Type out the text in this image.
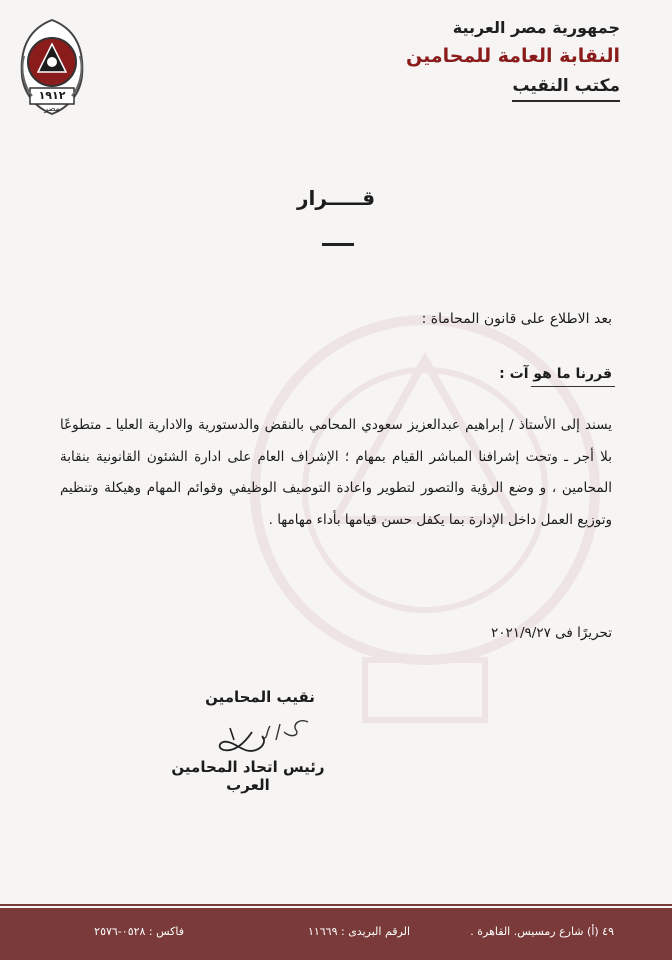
١٩١٢
مصر
جمهورية مصر العربية
النقابة العامة للمحامين
مكتب النقيب
قـــــرار
بعد الاطلاع على قانون المحاماة :
قررنا ما هو آت :
يسند إلى الأستاذ / إبراهيم عبدالعزيز سعودي المحامي بالنقض والدستورية والادارية العليا ـ متطوعًا بلا أجر ـ وتحت إشرافنا المباشر القيام بمهام ؛ الإشراف العام على ادارة الشئون القانونية بنقابة المحامين ، و وضع الرؤية والتصور لتطوير واعادة التوصيف الوظيفي وقوائم المهام وهيكلة وتنظيم وتوزيع العمل داخل الإدارة بما يكفل حسن قيامها بأداء مهامها .
تحريرًا فى ٢٠٢١/٩/٢٧
نقيب المحامين
رئيس اتحاد المحامين العرب
٤٩ (أ) شارع رمسيس. القاهرة .
الرقم البريدى : ١١٦٦٩
فاكس : ٠٥٢٨-٢٥٧٦
